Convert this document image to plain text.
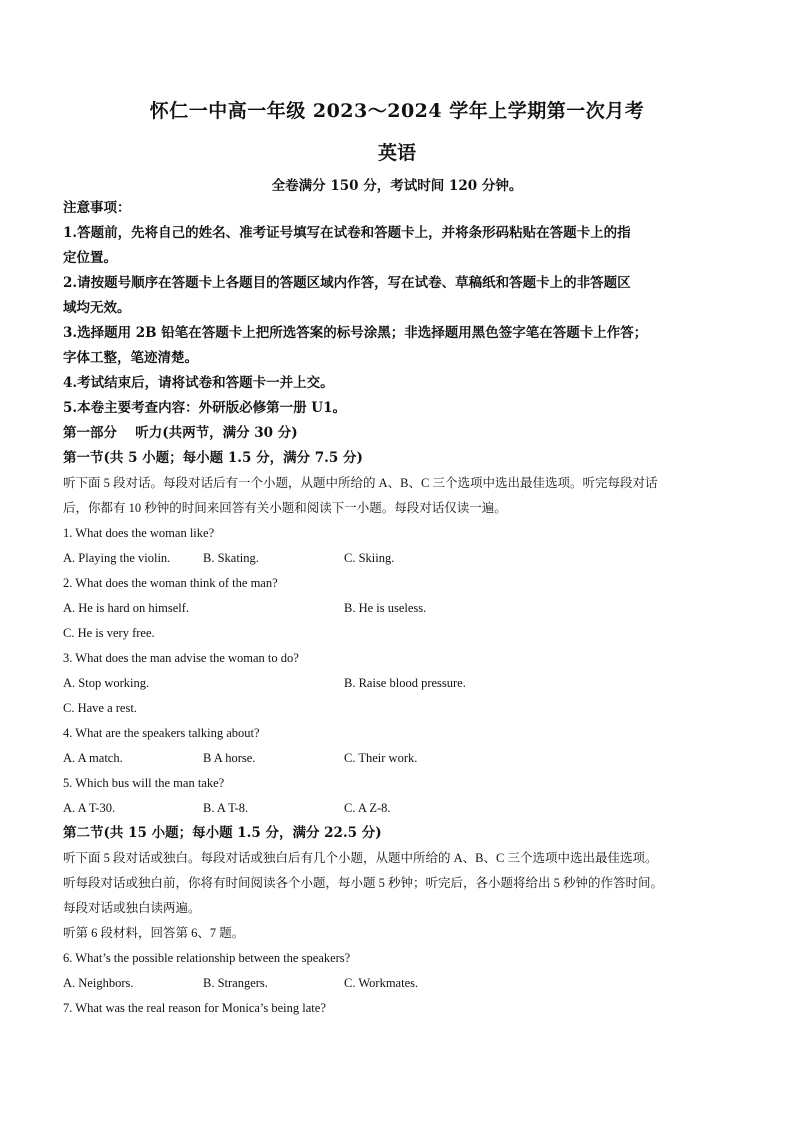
怀仁一中高一年级 2023～2024 学年上学期第一次月考
英语
全卷满分 150 分，考试时间 120 分钟。
注意事项：
1.答题前，先将自己的姓名、准考证号填写在试卷和答题卡上，并将条形码粘贴在答题卡上的指
定位置。
2.请按题号顺序在答题卡上各题目的答题区域内作答，写在试卷、草稿纸和答题卡上的非答题区
域均无效。
3.选择题用 2B 铅笔在答题卡上把所选答案的标号涂黑；非选择题用黑色签字笔在答题卡上作答；
字体工整，笔迹清楚。
4.考试结束后，请将试卷和答题卡一并上交。
5.本卷主要考查内容：外研版必修第一册 U1。
第一部分　 听力(共两节，满分 30 分)
第一节(共 5 小题；每小题 1.5 分，满分 7.5 分)
听下面 5 段对话。每段对话后有一个小题，从题中所给的 A、B、C 三个选项中选出最佳选项。听完每段对话
后，你都有 10 秒钟的时间来回答有关小题和阅读下一小题。每段对话仅读一遍。
1. What does the woman like?
A. Playing the violin.	B. Skating.	C. Skiing.
2. What does the woman think of the man?
A. He is hard on himself.	B. He is useless.
C. He is very free.
3. What does the man advise the woman to do?
A. Stop working.	B. Raise blood pressure.
C. Have a rest.
4. What are the speakers talking about?
A. A match.	B A horse.	C. Their work.
5. Which bus will the man take?
A. A T-30.	B. A T-8.	C. A Z-8.
第二节(共 15 小题；每小题 1.5 分，满分 22.5 分)
听下面 5 段对话或独白。每段对话或独白后有几个小题，从题中所给的 A、B、C 三个选项中选出最佳选项。
听每段对话或独白前，你将有时间阅读各个小题，每小题 5 秒钟；听完后，各小题将给出 5 秒钟的作答时间。
每段对话或独白读两遍。
听第 6 段材料，回答第 6、7 题。
6. What’s the possible relationship between the speakers?
A. Neighbors.	B. Strangers.	C. Workmates.
7. What was the real reason for Monica’s being late?
